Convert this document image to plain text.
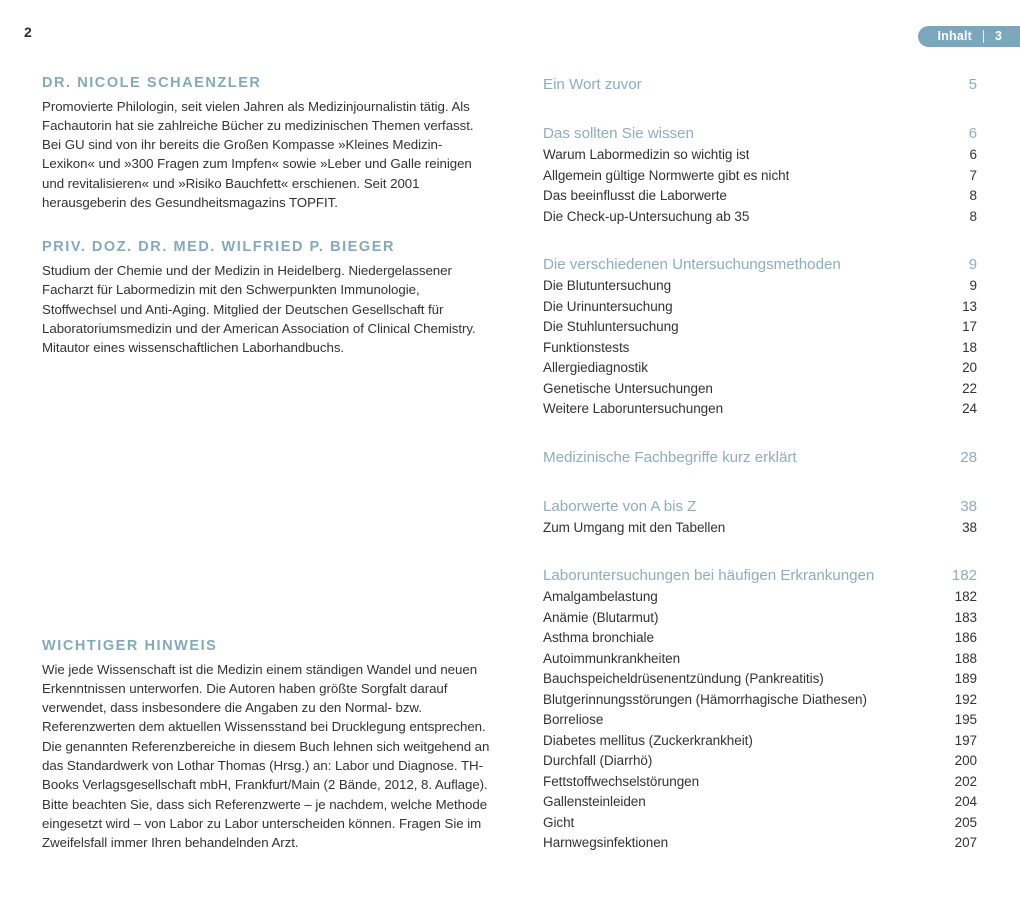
2	Inhalt 3
DR. NICOLE SCHAENZLER

Promovierte Philologin, seit vielen Jahren als Medizinjournalistin tätig. Als Fachautorin hat sie zahlreiche Bücher zu medizinischen Themen verfasst. Bei GU sind von ihr bereits die Großen Kompasse »Kleines Medizin-Lexikon« und »300 Fragen zum Impfen« sowie »Leber und Galle reinigen und revitalisieren« und »Risiko Bauchfett« erschienen. Seit 2001 herausgeberin des Gesundheitsmagazins TOPFIT.

PRIV. DOZ. DR. MED. WILFRIED P. BIEGER

Studium der Chemie und der Medizin in Heidelberg. Niedergelassener Facharzt für Labormedizin mit den Schwerpunkten Immunologie, Stoffwechsel und Anti-Aging. Mitglied der Deutschen Gesellschaft für Laboratoriumsmedizin und der American Association of Clinical Chemistry. Mitautor eines wissenschaftlichen Laborhandbuchs.

WICHTIGER HINWEIS

Wie jede Wissenschaft ist die Medizin einem ständigen Wandel und neuen Erkenntnissen unterworfen. Die Autoren haben größte Sorgfalt darauf verwendet, dass insbesondere die Angaben zu den Normal- bzw. Referenzwerten dem aktuellen Wissensstand bei Drucklegung entsprechen. Die genannten Referenzbereiche in diesem Buch lehnen sich weitgehend an das Standardwerk von Lothar Thomas (Hrsg.) an: Labor und Diagnose. TH-Books Verlagsgesellschaft mbH, Frankfurt/Main (2 Bände, 2012, 8. Auflage).

Bitte beachten Sie, dass sich Referenzwerte – je nachdem, welche Methode eingesetzt wird – von Labor zu Labor unterscheiden können. Fragen Sie im Zweifelsfall immer Ihren behandelnden Arzt.

Ein Wort zuvor . . .	5
Das sollten Sie wissen . . .	6
Warum Labormedizin so wichtig ist . . .	6
Allgemein gültige Normwerte gibt es nicht . . .	7
Das beeinflusst die Laborwerte . . .	8
Die Check-up-Untersuchung ab 35 . . .	8
Die verschiedenen Untersuchungsmethoden . . .	9
Die Blutuntersuchung . . .	9
Die Urinuntersuchung . . .	13
Die Stuhluntersuchung . . .	17
Funktionstests . . .	18
Allergiediagnostik . . .	20
Genetische Untersuchungen . . .	22
Weitere Laboruntersuchungen . . .	24
Medizinische Fachbegriffe kurz erklärt . . .	28
Laborwerte von A bis Z . . .	38
Zum Umgang mit den Tabellen . . .	38
Laboruntersuchungen bei häufigen Erkrankungen . . .	182
Amalgambelastung . . .	182
Anämie (Blutarmut) . . .	183
Asthma bronchiale . . .	186
Autoimmunkrankheiten . . .	188
Bauchspeicheldrüsenentzündung (Pankreatitis) . . .	189
Blutgerinnungsstörungen (Hämorrhagische Diathesen) . . .	192
Borreliose . . .	195
Diabetes mellitus (Zuckerkrankheit) . . .	197
Durchfall (Diarrhö) . . .	200
Fettstoffwechselstörungen . . .	202
Gallensteinleiden . . .	204
Gicht . . .	205
Harnwegsinfektionen . . .	207
